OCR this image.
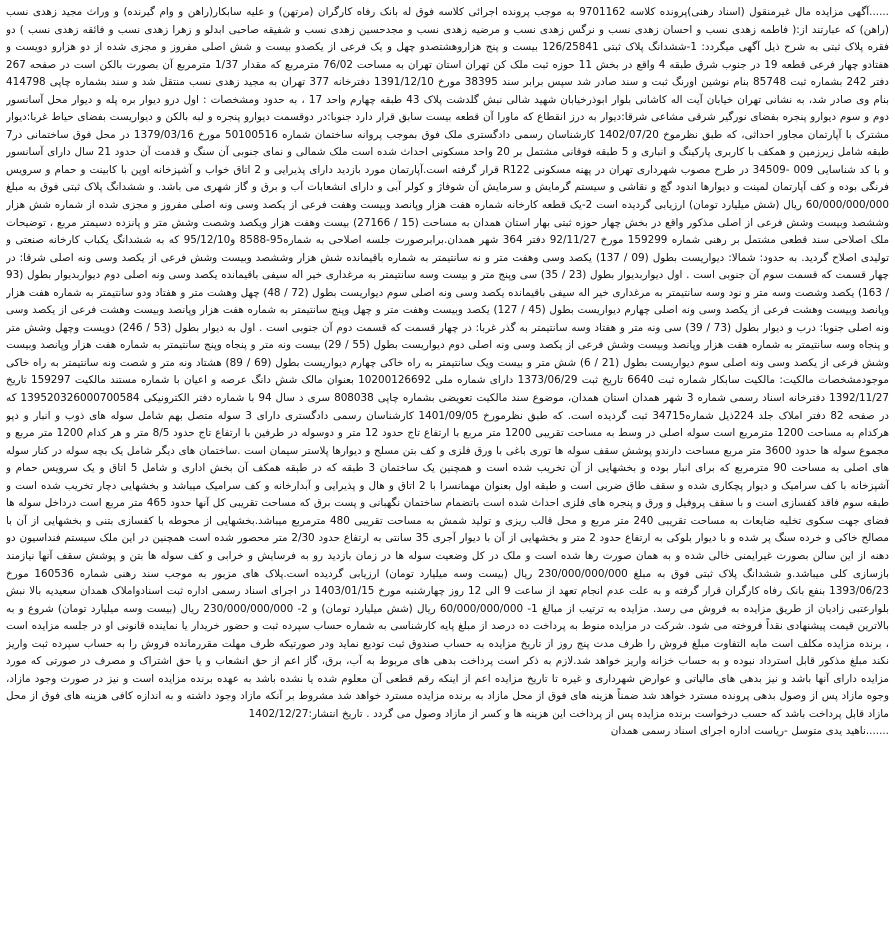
......آگهی مزایده مال غیرمنقول (اسناد رهنی)پرونده کلاسه 9701162 به موجب پرونده اجرائی کلاسه فوق له بانک رفاه کارگران (مرتهن) و علیه سابکار(راهن و وام گیرنده) و وراث مجید زهدی نسب (راهن) که عبارتند از:( فاطمه زهدی نسب و احسان زهدی نسب و نرگس زهدی نسب و مرضیه زهدی نسب و مجدحسین زهدی نسب و شفیقه صاحبی ابدلو و زهرا زهدی نسب و فائقه زهدی نسب ) دو فقره پلاک ثبتی به شرح ذیل آگهی میگردد: 1-ششدانگ پلاک ثبتی 126/25841 بیست و پنج هزاروهشتصدو چهل و یک فرعی از یکصدو بیست و شش اصلی مفروز و مجزی شده از دو هزارو دویست و هفتادو چهار فرعی قطعه 19 در جنوب شرق طبقه 4 واقع در بخش 11 حوزه ثبت ملک کن تهران استان تهران به مساحت 76/02 مترمربع که مقدار 1/37 مترمربع آن بصورت بالکن است در صفحه 267 دفتر 242 بشماره ثبت 85748 بنام نوشین اورنگ ثبت و سند صادر شد سپس برابر سند 38395 مورخ 1391/12/10 دفترخانه 377 تهران به مجید زهدی نسب منتقل شد و سند بشماره چاپی 414798 بنام وی صادر شد، به نشانی تهران خیابان آیت اله کاشانی بلوار ابوذرخیابان شهید شالی نبش گلدشت پلاک 43 طبقه چهارم واحد 17 ، به حدود ومشخصات : اول درو دیوار بره پله و دیوار محل آسانسور دوم و سوم دیوارو پنجره بفضای نورگیر شرقی مشاعی شرقا:دیوار به درز انقطاع که ماورا آن قطعه بیست سابق قرار دارد جنوبا:در دوقسمت دیوارو پنجره و لبه بالکن و دیواریست بفضای حیاط غربا:دیوار مشترک با آپارتمان مجاور احداثی، که طبق نظرموخ 1402/07/20 کارشناسان رسمی دادگستری ملک فوق بموجب پروانه ساختمان شماره 50100516 مورخ 1379/03/16 در محل فوق ساختمانی در7 طبقه شامل زیرزمین و همکف با کاربری پارکینگ و انباری و 5 طبقه فوقانی مشتمل بر 20 واحد مسکونی احداث شده است ملک شمالی و نمای جنوبی آن سنگ و قدمت آن حدود 21 سال دارای آسانسور و با کد شناسایی 009 -34509 در طرح مصوب شهرداری تهران در پهنه مسکونی R122 قرار گرفته است.آپارتمان مورد بازدید دارای پذیرایی و 2 اتاق خواب و آشپزخانه اوپن با کابینت و حمام و سرویس فرنگی بوده و کف آپارتمان لمینت و دیوارها اندود گچ و نقاشی و سیستم گرمایش و سرمایش آن شوفاژ و کولر آبی و دارای انشعابات آب و برق و گاز شهری می باشد. و ششدانگ پلاک ثبتی فوق به مبلغ 60/000/000/000 ریال (شش میلیارد تومان) ارزیابی گردیده است 2-یک قطعه کارخانه شماره هفت هزار وپانصد وبیست وهفت فرعی از یکصد وسی ونه اصلی مفروز و مجزی شده از شماره شش هزار وششصد وبیست وشش فرعی از اصلی مذکور واقع در بخش چهار حوزه ثبتی بهار استان همدان به مساحت (15 / 27166) بیست وهفت هزار ویکصد وشصت وشش متر و پانزده دسیمتر مربع ، توضیحات ملک اصلاحی سند قطعی مشتمل بر رهنی شماره 159299 مورخ 92/11/27 دفتر 364 شهر همدان.برابرصورت جلسه اصلاحی به شماره95-8588 و95/12/10 که به ششدانگ یکباب کارخانه صنعتی و تولیدی اصلاح گردید. به حدود: شمالا: دیواریست بطول (09 / 137) یکصد وسی وهفت متر و نه سانتیمتر به شماره باقیمانده شش هزار وششصد وبیست وشش فرعی از یکصد وسی ونه اصلی شرقا: در چهار قسمت که قسمت سوم آن جنوبی است . اول دیواربدیوار بطول (23 / 35) سی وپنج متر و بیست وسه سانتیمتر به مرغداری خیر اله سیفی باقیمانده یکصد وسی ونه اصلی دوم دیواربدیوار بطول (93 / 163) یکصد وشصت وسه متر و نود وسه سانتیمتر به مرغداری خیر اله سیفی باقیمانده یکصد وسی ونه اصلی سوم دیواریست بطول (72 / 48) چهل وهشت متر و هفتاد ودو سانتیمتر به شماره هفت هزار وپانصد وبیست وهشت فرعی از یکصد وسی ونه اصلی چهارم دیواریست بطول (45 / 127) یکصد وبیست وهفت متر و چهل وپنج سانتیمتر به شماره هفت هزار وپانصد وبیست وهشت فرعی از یکصد وسی ونه اصلی جنوبا: درب و دیوار بطول (73 / 39) سی ونه متر و هفتاد وسه سانتیمتر به گذر غربا: در چهار قسمت که قسمت دوم آن جنوبی است . اول به دیوار بطول (53 / 246) دویست وچهل وشش متر و پنجاه وسه سانتیمتر به شماره هفت هزار وپانصد وبیست وشش فرعی از یکصد وسی ونه اصلی دوم دیواریست بطول (55 / 29) بیست ونه متر و پنجاه وپنج سانتیمتر به شماره هفت هزار وپانصد وبیست وشش فرعی از یکصد وسی ونه اصلی سوم دیواریست بطول (21 / 6) شش متر و بیست ویک سانتیمتر به راه خاکی چهارم دیواریست بطول (69 / 89) هشتاد ونه متر و شصت ونه سانتیمتر به راه خاکی موجودمشخصات مالکیت: مالکیت سابکار شماره ثبت 6640 تاریخ ثبت 1373/06/29 دارای شماره ملی 10200126692 بعنوان مالک شش دانگ عرصه و اعیان با شماره مستند مالکیت 159297 تاریخ 1392/11/27 دفترخانه اسناد رسمی شماره 3 شهر همدان استان همدان، موضوع سند مالکیت تعویضی بشماره چاپی 808038 سری د سال 94 با شماره دفتر الکترونیکی 139520326000700584 که در صفحه 82 دفتر املاک جلد 224ذیل شماره34715 ثبت گردیده است. که طبق نظرمورخ 1401/09/05 کارشناسان رسمی دادگستری دارای 3 سوله متصل بهم شامل سوله های ذوب و انبار و دپو هرکدام به مساحت 1200 مترمربع است سوله اصلی در وسط به مساحت تقریبی 1200 متر مربع با ارتفاع تاج حدود 12 متر و دوسوله در طرفین با ارتفاع تاج حدود 8/5 متر و هر کدام 1200 متر مربع و مجموع سوله ها حدود 3600 متر مربع مساحت دارندو پوشش سقف سوله ها توری باغی با ورق فلزی و کف بتن مسلح و دیوارها پلاستر سیمان است .ساختمان های دیگر شامل یک بچه سوله در کنار سوله های اصلی به مساحت 90 مترمربع که برای انبار بوده و بخشهایی از آن تخریب شده است و همچنین یک ساختمان 3 طبقه که در طبقه همکف آن بخش اداری و شامل 5 اتاق و یک سرویس حمام و آشپزخانه با کف سرامیک و دیوار پچکاری شده و سقف طاق ضربی است و طبقه اول بعنوان مهمانسرا با 2 اتاق و هال و پذیرایی و آبدارخانه و کف سرامیک میباشد و بخشهایی دچار تخریب شده است و طبقه سوم فاقد کفسازی است و با سقف پروفیل و ورق و پنجره های فلزی احداث شده است باتضمام ساختمان نگهبانی و پست برق که مساحت تقریبی کل آنها حدود 465 متر مربع است درداخل سوله ها فضای جهت سکوی تخلیه ضایعات به مساحت تقریبی 240 متر مربع و محل قالب ریزی و تولید شمش به مساحت تقریبی 480 مترمربع میباشد.بخشهایی از محوطه با کفسازی بتنی و بخشهایی از آن با مصالح خاکی و خرده سنگ پر شده و با دیوار بلوکی به ارتفاع حدود 2 متر و بخشهایی از آن با دیوار آجری 35 سانتی به ارتفاع حدود 2/30 متر محصور شده است همچنین در این ملک سیستم فنداسیون دو دهنه از این سالن بصورت غیرایمنی خالی شده و به همان صورت رها شده است و ملک در کل وضعیت سوله ها در زمان بازدید رو به فرسایش و خرابی و کف سوله ها بتن و پوشش سقف آنها نیازمند بازسازی کلی میباشد.و ششدانگ پلاک ثبتی فوق به مبلغ 230/000/000/000 ریال (بیست وسه میلیارد تومان) ارزیابی گردیده است.پلاک های مزبور به موجب سند رهنی شماره 160536 مورخ 1393/06/23 بنفع بانک رفاه کارگران قرار گرفته و به علت عدم انجام تعهد از ساعت 9 الی 12 روز چهارشنبه مورخ 1403/01/15 در اجرای اسناد رسمی اداره ثبت اسنادواملاک همدان سعیدیه بالا نبش بلوارعتبی زادیان از طریق مزایده به فروش می رسد. مزایده به ترتیب از مبالغ 1- 60/000/000/000 ریال (شش میلیارد تومان) و 2- 230/000/000/000 ریال (بیست وسه میلیارد تومان) شروع و به بالاترین قیمت پیشنهادی نقداً فروخته می شود. شرکت در مزایده منوط به پرداخت ده درصد از مبلغ پایه کارشناسی به شماره حساب سپرده ثبت و حضور خریدار یا نماینده قانونی او در جلسه مزایده است ، برنده مزایده مکلف است مابه التفاوت مبلغ فروش را ظرف مدت پنج روز از تاریخ مزایده به حساب صندوق ثبت تودیع نماید ودر صورتیکه ظرف مهلت مقررمانده فروش را به حساب سپرده ثبت واریز نکند مبلغ مذکور قابل استرداد نبوده و به حساب خزانه واریز خواهد شد.لازم به ذکر است پرداخت بدهی های مربوط به آب، برق، گاز اعم از حق انشعاب و یا حق اشتراک و مصرف در صورتی که مورد مزایده دارای آنها باشد و نیز بدهی های مالیاتی و عوارض شهرداری و غیره تا تاریخ مزایده اعم از اینکه رقم قطعی آن معلوم شده یا نشده باشد به عهده برنده مزایده است و نیز در صورت وجود مازاد، وجوه مازاد پس از وصول بدهی پرونده مسترد خواهد شد ضمناً هزینه های فوق از محل مازاد به برنده مزایده مسترد خواهد شد مشروط بر آنکه مازاد وجود داشته و به اندازه کافی هزینه های فوق از محل مازاد قابل پرداخت باشد که حسب درخواست برنده مزایده پس از پرداخت این هزینه ها و کسر از مازاد وصول می گردد . تاریخ انتشار:1402/12/27

.......ناهید یدی متوسل -ریاست اداره اجرای اسناد رسمی همدان
